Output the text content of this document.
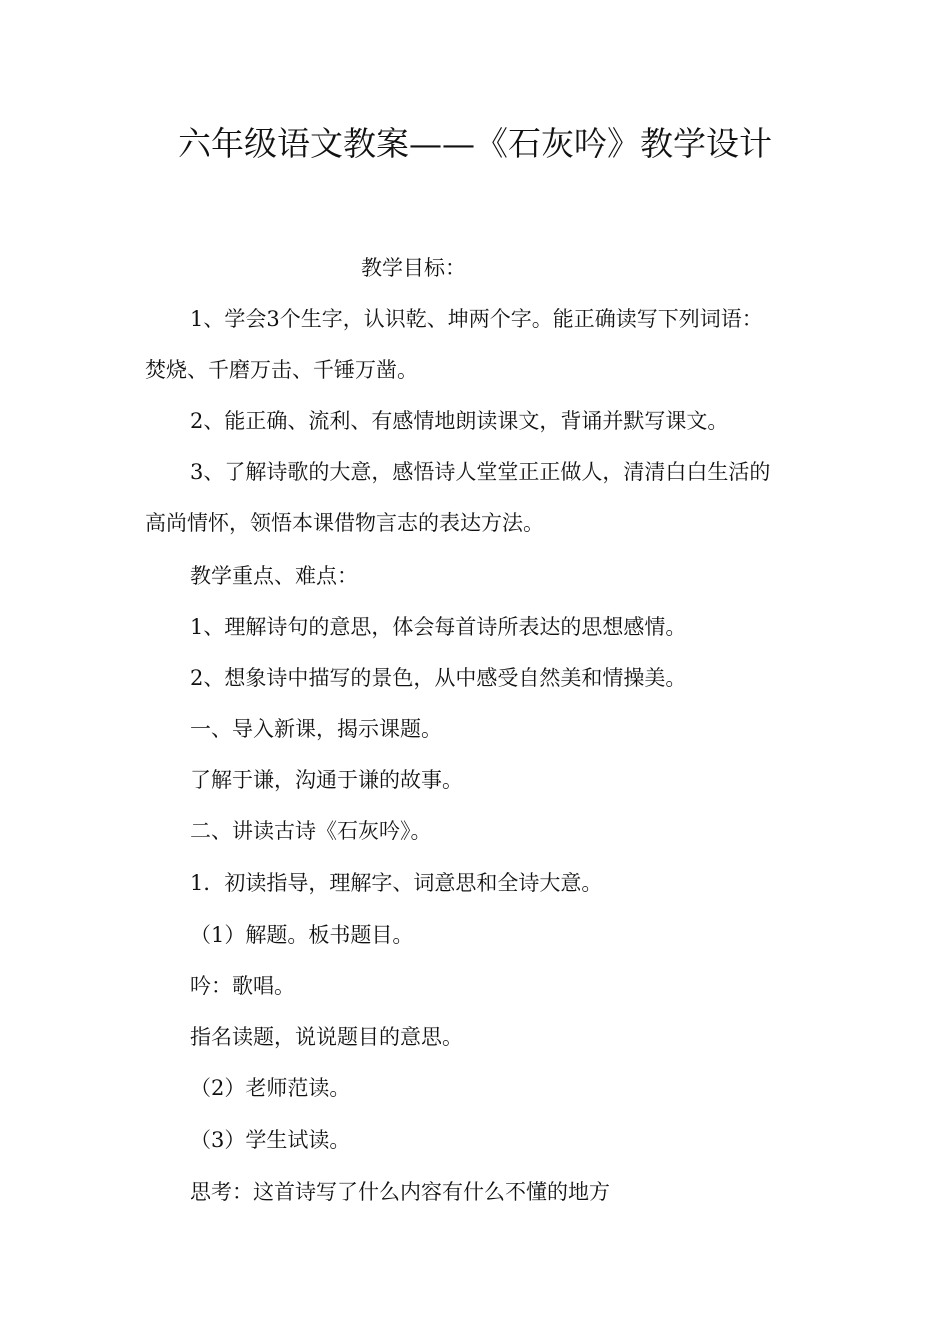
六年级语文教案——《石灰吟》教学设计
教学目标：
1、学会3个生字，认识乾、坤两个字。能正确读写下列词语：
焚烧、千磨万击、千锤万凿。
2、能正确、流利、有感情地朗读课文，背诵并默写课文。
3、了解诗歌的大意，感悟诗人堂堂正正做人，清清白白生活的
高尚情怀，领悟本课借物言志的表达方法。
教学重点、难点：
1、理解诗句的意思，体会每首诗所表达的思想感情。
2、想象诗中描写的景色，从中感受自然美和情操美。
一、导入新课，揭示课题。
了解于谦，沟通于谦的故事。
二、讲读古诗《石灰吟》。
1．初读指导，理解字、词意思和全诗大意。
（1）解题。板书题目。
吟：歌唱。
指名读题，说说题目的意思。
（2）老师范读。
（3）学生试读。
思考：这首诗写了什么内容有什么不懂的地方
